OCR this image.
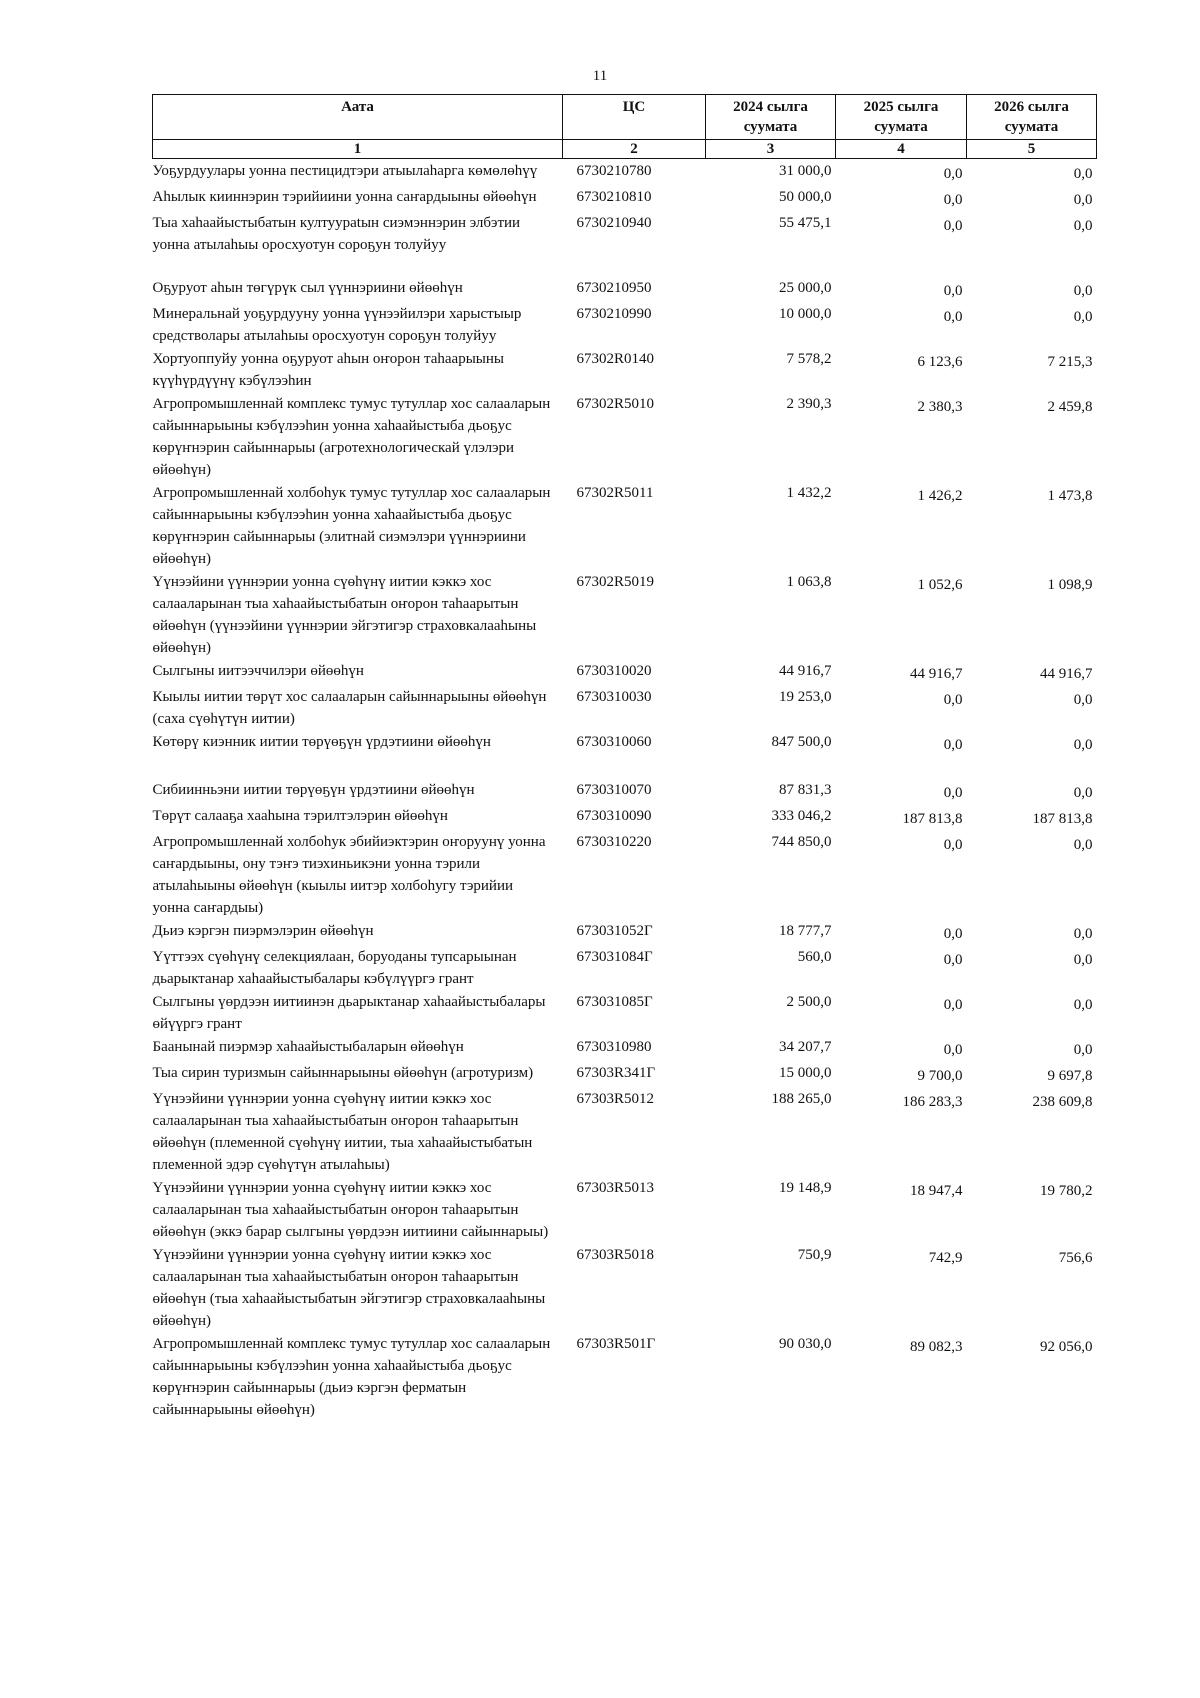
11
Аата	ЦС	2024 сылга суумата	2025 сылга суумата	2026 сылга суумата
1	2	3	4	5
Уоҕурдуулары уонна пестицидтэри атыылаһарга көмөлөһүү	6730210780	31 000,0	0,0	0,0
Аһылык кииннэрин тэрийиини уонна саҥардыыны өйөөһүн	6730210810	50 000,0	0,0	0,0
Тыа хаһаайыстыбатын култуураtын сиэмэннэрин элбэтии уонна атылаһыы оросхуотун сороҕун толуйуу	6730210940	55 475,1	0,0	0,0
Оҕуруот аһын төгүрүк сыл үүннэриини өйөөһүн	6730210950	25 000,0	0,0	0,0
Минеральнай уоҕурдууну уонна үүнээйилэри харыстыыр средстволары атылаһыы оросхуотун сороҕун толуйуу	6730210990	10 000,0	0,0	0,0
Хортуоппуйу уонна оҕуруот аһын оҥорон таһаарыыны күүһүрдүүнү кэбүлээһин	67302R0140	7 578,2	6 123,6	7 215,3
Агропромышленнай комплекс тумус тутуллар хос салааларын сайыннарыыны кэбүлээһин уонна хаһаайыстыба дьоҕус көрүҥнэрин сайыннарыы (агротехнологическай үлэлэри өйөөһүн)	67302R5010	2 390,3	2 380,3	2 459,8
Агропромышленнай холбоһук тумус тутуллар хос салааларын сайыннарыыны кэбүлээһин уонна хаһаайыстыба дьоҕус көрүҥнэрин сайыннарыы (элитнай сиэмэлэри үүннэриини өйөөһүн)	67302R5011	1 432,2	1 426,2	1 473,8
Үүнээйини үүннэрии уонна сүөһүнү иитии кэккэ хос салааларынан тыа хаһаайыстыбатын оҥорон таһаарытын өйөөһүн (үүнээйини үүннэрии эйгэтигэр страховкалааһыны өйөөһүн)	67302R5019	1 063,8	1 052,6	1 098,9
Сылгыны иитээччилэри өйөөһүн	6730310020	44 916,7	44 916,7	44 916,7
Кыылы иитии төрүт хос салааларын сайыннарыыны өйөөһүн (саха сүөһүтүн иитии)	6730310030	19 253,0	0,0	0,0
Көтөрү киэнник иитии төрүөҕүн үрдэтиини өйөөһүн	6730310060	847 500,0	0,0	0,0
Сибиинньэни иитии төрүөҕүн үрдэтиини өйөөһүн	6730310070	87 831,3	0,0	0,0
Төрүт салааҕа хааһына тэрилтэлэрин өйөөһүн	6730310090	333 046,2	187 813,8	187 813,8
Агропромышленнай холбоһук эбийиэктэрин оҥоруунү уонна саҥардыыны, ону тэҥэ тиэхиньикэни уонна тэрили атылаһыыны өйөөһүн (кыылы иитэр холбоһугу тэрийии уонна саҥардыы)	6730310220	744 850,0	0,0	0,0
Дьиэ кэргэн пиэрмэлэрин өйөөһүн	673031052Г	18 777,7	0,0	0,0
Үүттээх сүөһүнү селекциялаан, боруоданы тупсарыынан дьарыктанар хаһаайыстыбалары кэбүлүүргэ грант	673031084Г	560,0	0,0	0,0
Сылгыны үөрдээн иитиинэн дьарыктанар хаһаайыстыбалары өйүүргэ грант	673031085Г	2 500,0	0,0	0,0
Баанынай пиэрмэр хаһаайыстыбаларын өйөөһүн	6730310980	34 207,7	0,0	0,0
Тыа сирин туризмын сайыннарыыны өйөөһүн (агротуризм)	67303R341Г	15 000,0	9 700,0	9 697,8
Үүнээйини үүннэрии уонна сүөһүнү иитии кэккэ хос салааларынан тыа хаһаайыстыбатын оҥорон таһаарытын өйөөһүн (племенной сүөһүнү иитии, тыа хаһаайыстыбатын племенной эдэр сүөһүтүн атылаһыы)	67303R5012	188 265,0	186 283,3	238 609,8
Үүнээйини үүннэрии уонна сүөһүнү иитии кэккэ хос салааларынан тыа хаһаайыстыбатын оҥорон таһаарытын өйөөһүн (эккэ барар сылгыны үөрдээн иитиини сайыннарыы)	67303R5013	19 148,9	18 947,4	19 780,2
Үүнээйини үүннэрии уонна сүөһүнү иитии кэккэ хос салааларынан тыа хаһаайыстыбатын оҥорон таһаарытын өйөөһүн (тыа хаһаайыстыбатын эйгэтигэр страховкалааһыны өйөөһүн)	67303R5018	750,9	742,9	756,6
Агропромышленнай комплекс тумус тутуллар хос салааларын сайыннарыыны кэбүлээһин уонна хаһаайыстыба дьоҕус көрүҥнэрин сайыннарыы (дьиэ кэргэн ферматын сайыннарыыны өйөөһүн)	67303R501Г	90 030,0	89 082,3	92 056,0
